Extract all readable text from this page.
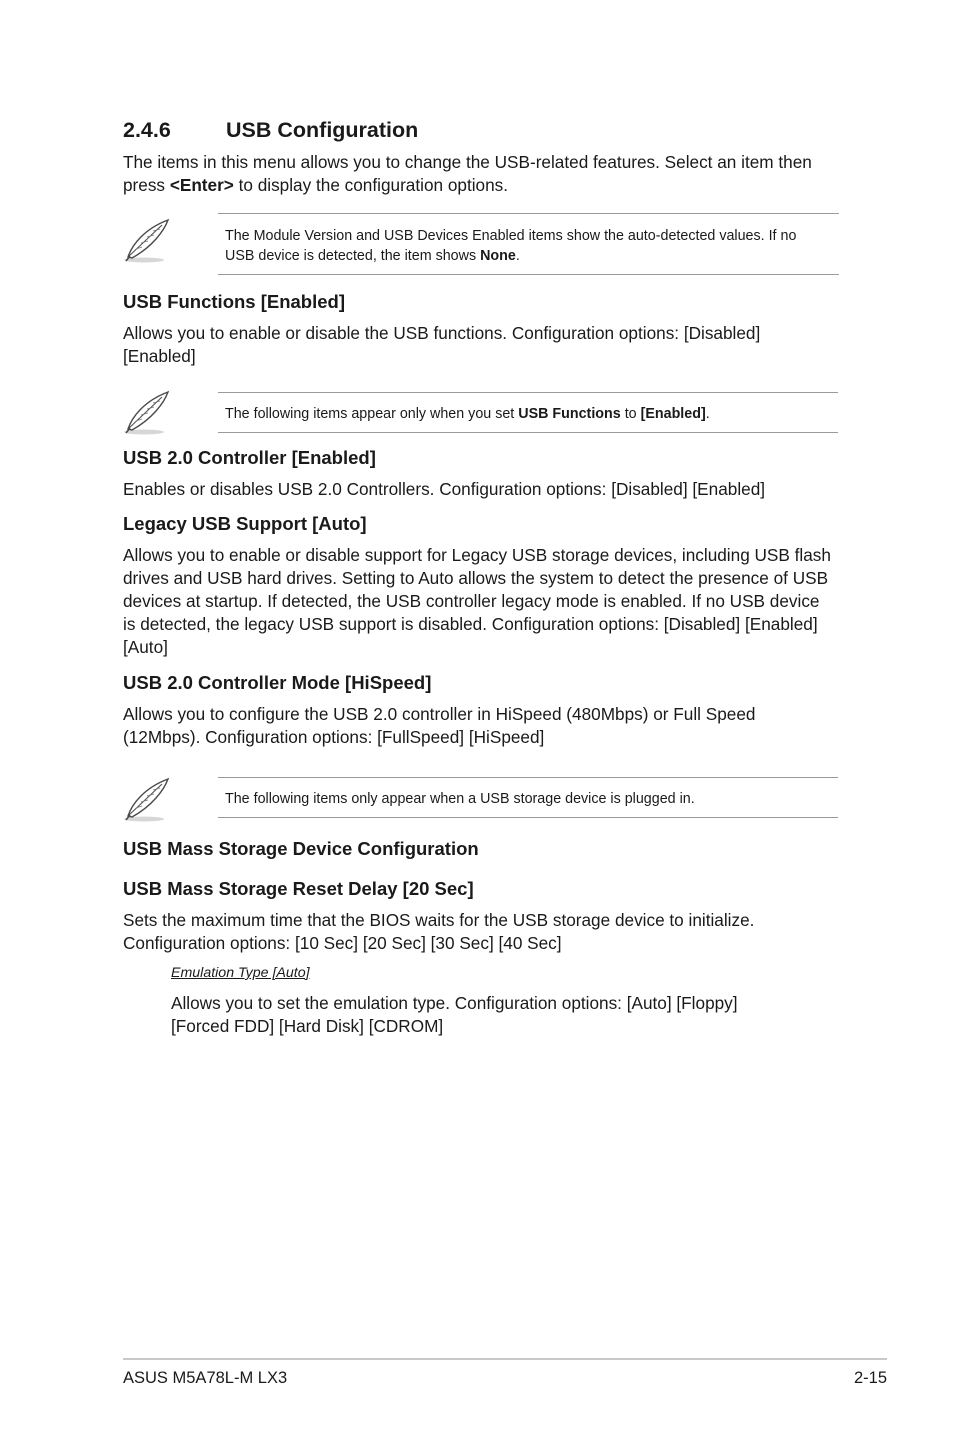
2.4.6	USB Configuration

The items in this menu allows you to change the USB-related features. Select an item then

press <Enter> to display the configuration options.

The Module Version and USB Devices Enabled items show the auto-detected values. If no

USB device is detected, the item shows None.

USB Functions [Enabled]

Allows you to enable or disable the USB functions. Configuration options: [Disabled]

[Enabled]

The following items appear only when you set USB Functions to [Enabled].

USB 2.0 Controller [Enabled]

Enables or disables USB 2.0 Controllers. Configuration options: [Disabled] [Enabled]

Legacy USB Support [Auto]

Allows you to enable or disable support for Legacy USB storage devices, including USB flash

drives and USB hard drives. Setting to Auto allows the system to detect the presence of USB

devices at startup. If detected, the USB controller legacy mode is enabled. If no USB device

is detected, the legacy USB support is disabled. Configuration options: [Disabled] [Enabled]

[Auto]

USB 2.0 Controller Mode [HiSpeed]

Allows you to configure the USB 2.0 controller in HiSpeed (480Mbps) or Full Speed

(12Mbps). Configuration options: [FullSpeed] [HiSpeed]

The following items only appear when a USB storage device is plugged in.

USB Mass Storage Device Configuration
USB Mass Storage Reset Delay [20 Sec]

Sets the maximum time that the BIOS waits for the USB storage device to initialize.

Configuration options: [10 Sec] [20 Sec] [30 Sec] [40 Sec]

Emulation Type [Auto]

Allows you to set the emulation type. Configuration options: [Auto] [Floppy]

[Forced FDD] [Hard Disk] [CDROM]

ASUS M5A78L-M LX3	2-15
